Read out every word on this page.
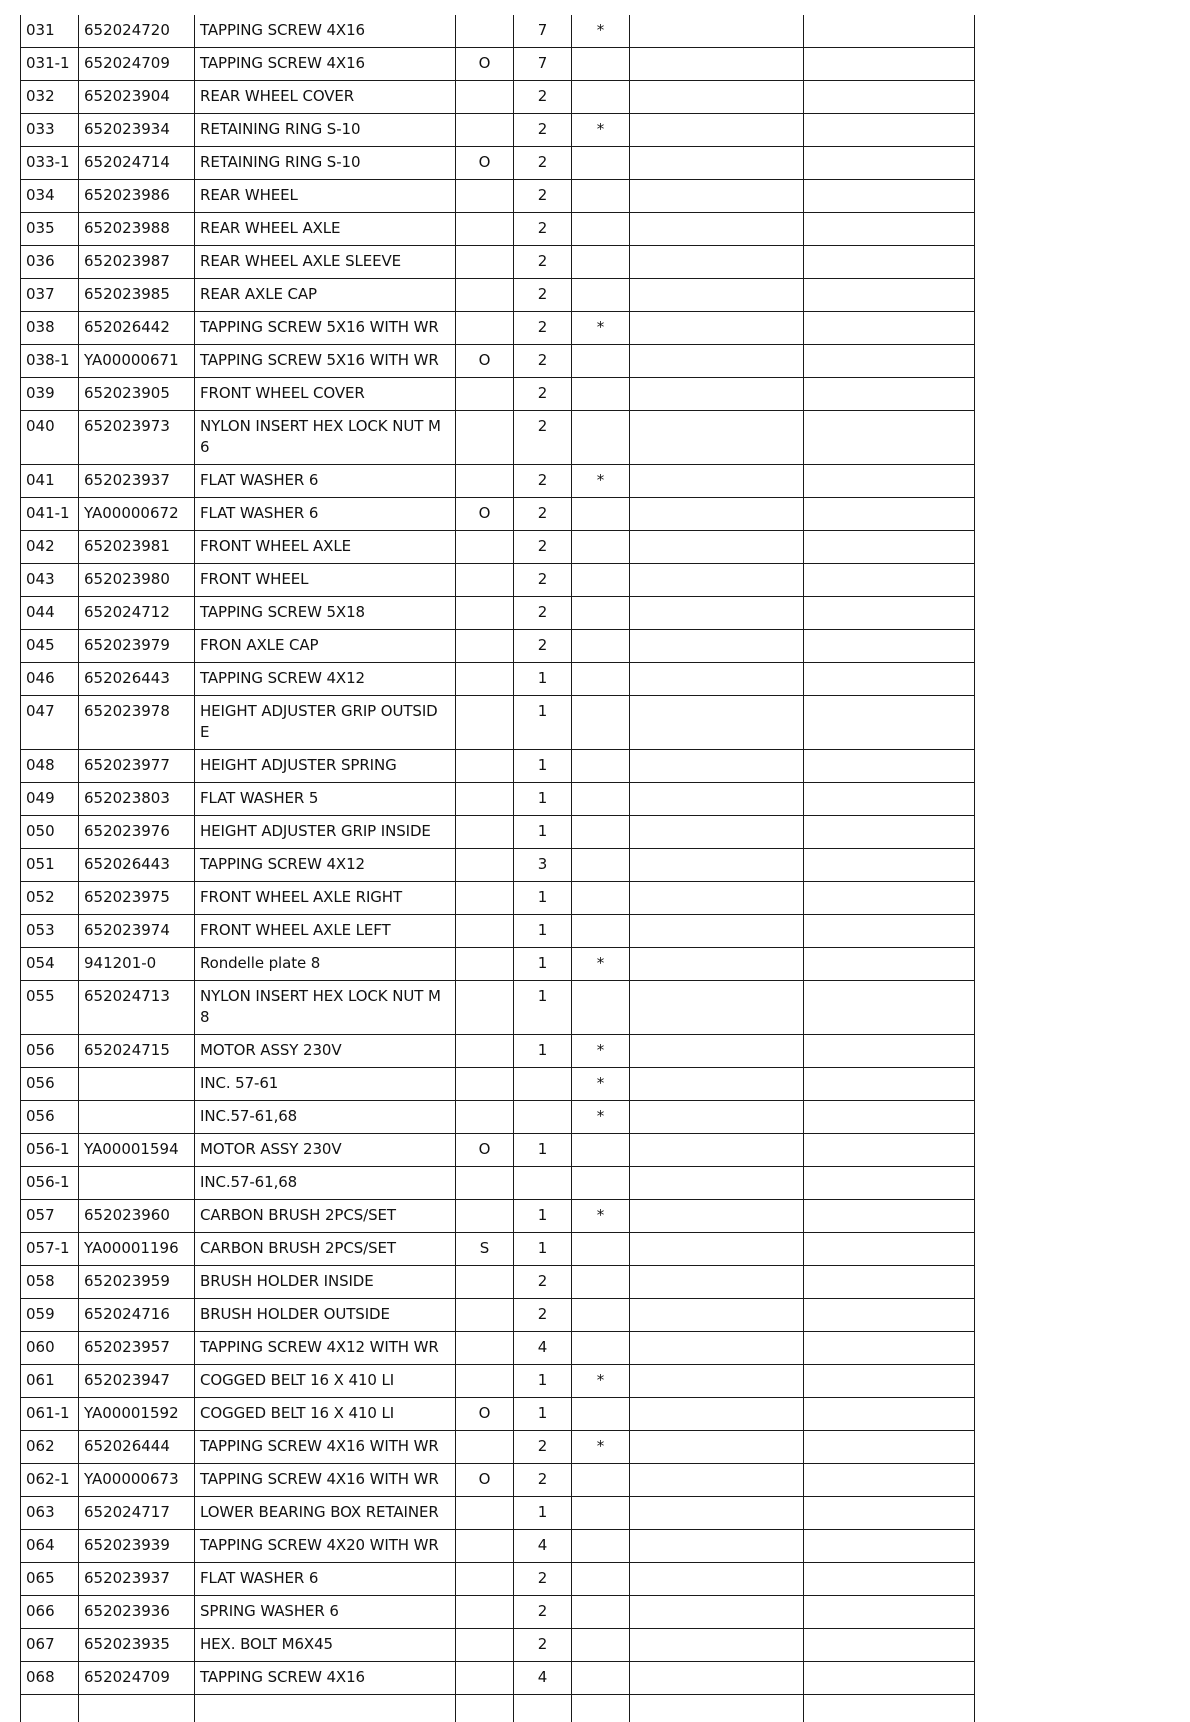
031	652024720	TAPPING SCREW 4X16		7	*		
031-1	652024709	TAPPING SCREW 4X16	O	7			
032	652023904	REAR WHEEL COVER		2			
033	652023934	RETAINING RING S-10		2	*		
033-1	652024714	RETAINING RING S-10	O	2			
034	652023986	REAR WHEEL		2			
035	652023988	REAR WHEEL AXLE		2			
036	652023987	REAR WHEEL AXLE SLEEVE		2			
037	652023985	REAR AXLE CAP		2			
038	652026442	TAPPING SCREW 5X16 WITH WR		2	*		
038-1	YA00000671	TAPPING SCREW 5X16 WITH WR	O	2			
039	652023905	FRONT WHEEL COVER		2			
040	652023973	NYLON INSERT HEX LOCK NUT M 6		2			
041	652023937	FLAT WASHER 6		2	*		
041-1	YA00000672	FLAT WASHER 6	O	2			
042	652023981	FRONT WHEEL AXLE		2			
043	652023980	FRONT WHEEL		2			
044	652024712	TAPPING SCREW 5X18		2			
045	652023979	FRON AXLE CAP		2			
046	652026443	TAPPING SCREW 4X12		1			
047	652023978	HEIGHT ADJUSTER GRIP OUTSID E		1			
048	652023977	HEIGHT ADJUSTER SPRING		1			
049	652023803	FLAT WASHER 5		1			
050	652023976	HEIGHT ADJUSTER GRIP INSIDE		1			
051	652026443	TAPPING SCREW 4X12		3			
052	652023975	FRONT WHEEL AXLE RIGHT		1			
053	652023974	FRONT WHEEL AXLE LEFT		1			
054	941201-0	Rondelle plate 8		1	*		
055	652024713	NYLON INSERT HEX LOCK NUT M 8		1			
056	652024715	MOTOR ASSY 230V		1	*		
056		INC. 57-61			*		
056		INC.57-61,68			*		
056-1	YA00001594	MOTOR ASSY 230V	O	1			
056-1		INC.57-61,68					
057	652023960	CARBON BRUSH 2PCS/SET		1	*		
057-1	YA00001196	CARBON BRUSH 2PCS/SET	S	1			
058	652023959	BRUSH HOLDER INSIDE		2			
059	652024716	BRUSH HOLDER OUTSIDE		2			
060	652023957	TAPPING SCREW 4X12 WITH WR		4			
061	652023947	COGGED BELT 16 X 410 LI		1	*		
061-1	YA00001592	COGGED BELT 16 X 410 LI	O	1			
062	652026444	TAPPING SCREW 4X16 WITH WR		2	*		
062-1	YA00000673	TAPPING SCREW 4X16 WITH WR	O	2			
063	652024717	LOWER BEARING BOX RETAINER		1			
064	652023939	TAPPING SCREW 4X20 WITH WR		4			
065	652023937	FLAT WASHER 6		2			
066	652023936	SPRING WASHER 6		2			
067	652023935	HEX. BOLT M6X45		2			
068	652024709	TAPPING SCREW 4X16		4			
